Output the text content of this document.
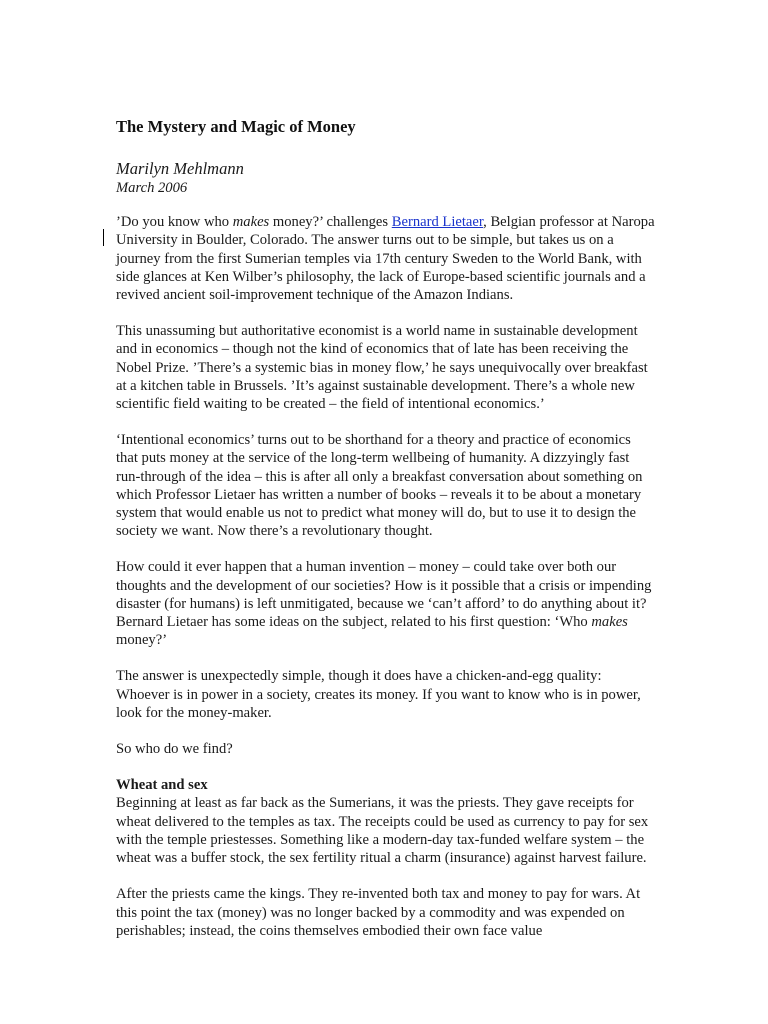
The Mystery and Magic of Money
Marilyn Mehlmann
March 2006

’Do you know who makes money?’ challenges Bernard Lietaer, Belgian professor at Naropa University in Boulder, Colorado. The answer turns out to be simple, but takes us on a journey from the first Sumerian temples via 17th century Sweden to the World Bank, with side glances at Ken Wilber’s philosophy, the lack of Europe-based scientific journals and a revived ancient soil-improvement technique of the Amazon Indians.

This unassuming but authoritative economist is a world name in sustainable development and in economics – though not the kind of economics that of late has been receiving the Nobel Prize. ’There’s a systemic bias in money flow,’ he says unequivocally over breakfast at a kitchen table in Brussels. ’It’s against sustainable development. There’s a whole new scientific field waiting to be created – the field of intentional economics.’

‘Intentional economics’ turns out to be shorthand for a theory and practice of economics that puts money at the service of the long-term wellbeing of humanity. A dizzyingly fast run-through of the idea – this is after all only a breakfast conversation about something on which Professor Lietaer has written a number of books – reveals it to be about a monetary system that would enable us not to predict what money will do, but to use it to design the society we want. Now there’s a revolutionary thought.

How could it ever happen that a human invention – money – could take over both our thoughts and the development of our societies? How is it possible that a crisis or impending disaster (for humans) is left unmitigated, because we ‘can’t afford’ to do anything about it? Bernard Lietaer has some ideas on the subject, related to his first question: ‘Who makes money?’

The answer is unexpectedly simple, though it does have a chicken-and-egg quality: Whoever is in power in a society, creates its money. If you want to know who is in power, look for the money-maker.

So who do we find?

Wheat and sex

Beginning at least as far back as the Sumerians, it was the priests. They gave receipts for wheat delivered to the temples as tax. The receipts could be used as currency to pay for sex with the temple priestesses. Something like a modern-day tax-funded welfare system – the wheat was a buffer stock, the sex fertility ritual a charm (insurance) against harvest failure.

After the priests came the kings. They re-invented both tax and money to pay for wars. At this point the tax (money) was no longer backed by a commodity and was expended on perishables; instead, the coins themselves embodied their own face value
